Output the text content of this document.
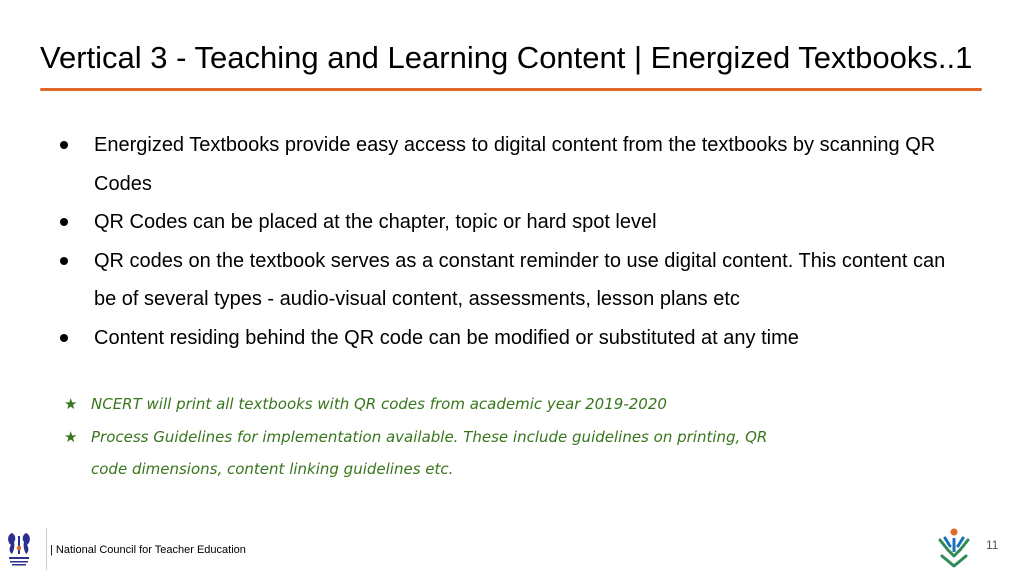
Vertical 3 - Teaching and Learning Content | Energized Textbooks..1
Energized Textbooks provide easy access to digital content from the textbooks by scanning QR Codes
QR Codes can be placed at the chapter, topic or hard spot level
QR codes on the textbook serves as a constant reminder to use digital content. This content can be of several types - audio-visual content, assessments, lesson plans etc
Content residing behind the QR code can be modified or substituted at any time
★ NCERT will print all textbooks with QR codes from academic year 2019-2020
★ Process Guidelines for implementation available. These include guidelines on printing, QR code dimensions, content linking guidelines etc.
| National Council for Teacher Education	11
